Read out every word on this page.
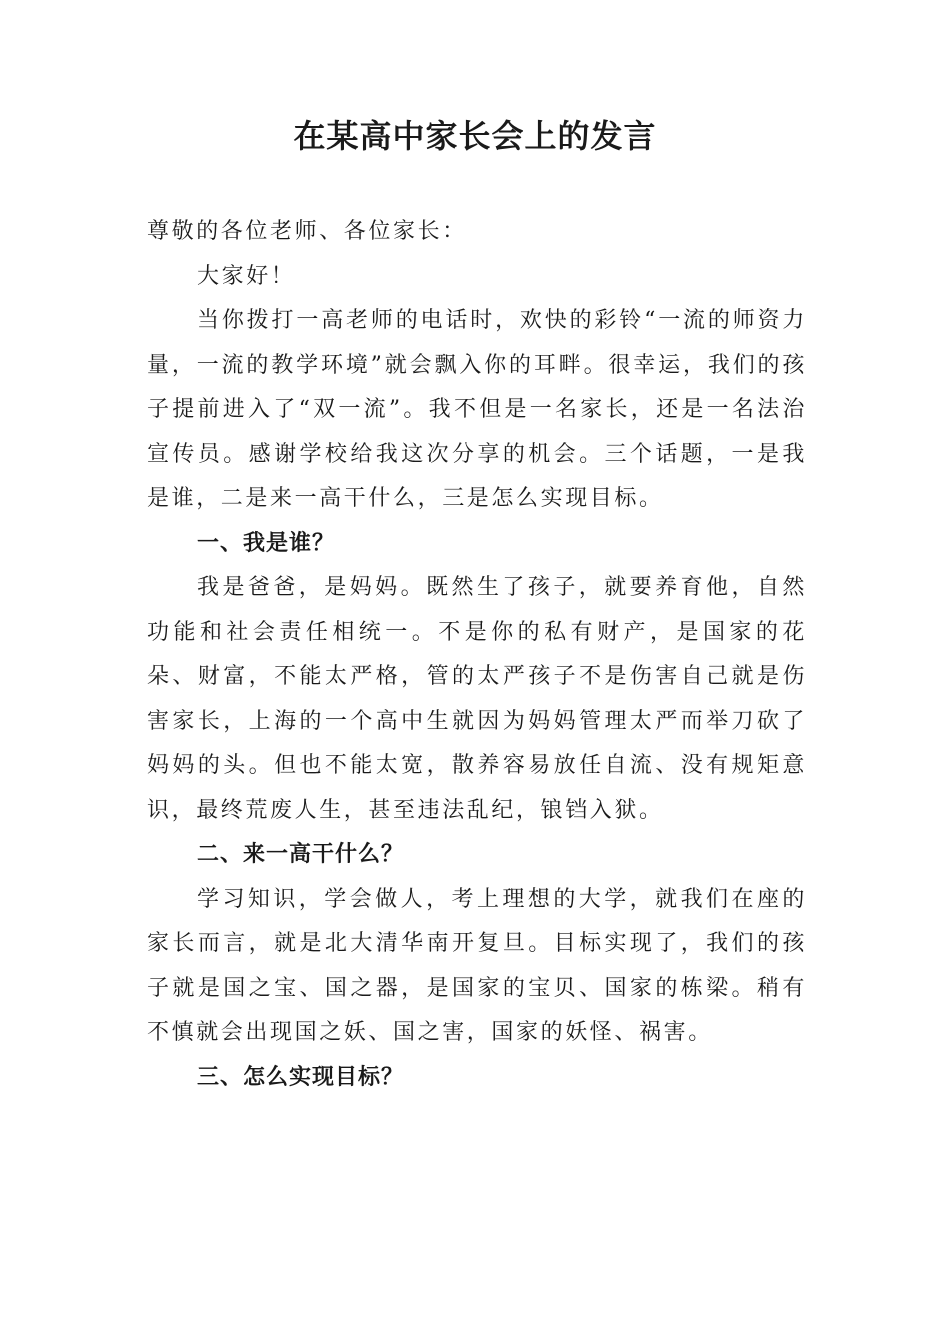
在某高中家长会上的发言

尊敬的各位老师、各位家长：

大家好！

当你拨打一高老师的电话时，欢快的彩铃“一流的师资力量，一流的教学环境”就会飘入你的耳畔。很幸运，我们的孩子提前进入了“双一流”。我不但是一名家长，还是一名法治宣传员。感谢学校给我这次分享的机会。三个话题，一是我是谁，二是来一高干什么，三是怎么实现目标。

一、我是谁？

我是爸爸，是妈妈。既然生了孩子，就要养育他，自然功能和社会责任相统一。不是你的私有财产，是国家的花朵、财富，不能太严格，管的太严孩子不是伤害自己就是伤害家长，上海的一个高中生就因为妈妈管理太严而举刀砍了妈妈的头。但也不能太宽，散养容易放任自流、没有规矩意识，最终荒废人生，甚至违法乱纪，锒铛入狱。

二、来一高干什么？

学习知识，学会做人，考上理想的大学，就我们在座的家长而言，就是北大清华南开复旦。目标实现了，我们的孩子就是国之宝、国之器，是国家的宝贝、国家的栋梁。稍有不慎就会出现国之妖、国之害，国家的妖怪、祸害。

三、怎么实现目标？
